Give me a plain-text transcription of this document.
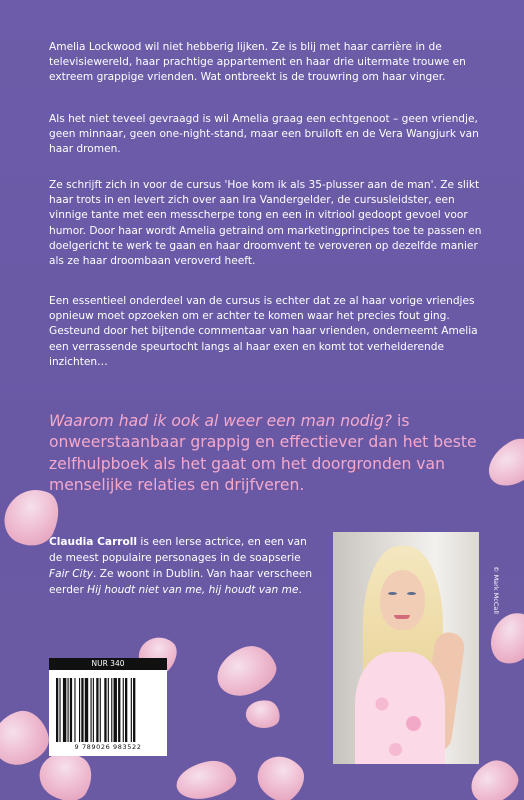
Amelia Lockwood wil niet hebberig lijken. Ze is blij met haar carrière in de televisiewereld, haar prachtige appartement en haar drie uitermate trouwe en extreem grappige vrienden. Wat ontbreekt is de trouwring om haar vinger.

Als het niet teveel gevraagd is wil Amelia graag een echtgenoot – geen vriendje, geen minnaar, geen one-night-stand, maar een bruiloft en de Vera Wangjurk van haar dromen.

Ze schrijft zich in voor de cursus 'Hoe kom ik als 35-plusser aan de man'. Ze slikt haar trots in en levert zich over aan Ira Vandergelder, de cursusleidster, een vinnige tante met een messcherpe tong en een in vitriool gedoopt gevoel voor humor. Door haar wordt Amelia getraind om marketingprincipes toe te passen en doelgericht te werk te gaan en haar droomvent te veroveren op dezelfde manier als ze haar droombaan veroverd heeft.

Een essentieel onderdeel van de cursus is echter dat ze al haar vorige vriendjes opnieuw moet opzoeken om er achter te komen waar het precies fout ging. Gesteund door het bijtende commentaar van haar vrienden, onderneemt Amelia een verrassende speurtocht langs al haar exen en komt tot verhelderende inzichten…

Waarom had ik ook al weer een man nodig? is onweerstaanbaar grappig en effectiever dan het beste zelfhulpboek als het gaat om het doorgronden van menselijke relaties en drijfveren.

Claudia Carroll is een Ierse actrice, en een van de meest populaire personages in de soapserie Fair City. Ze woont in Dublin. Van haar verscheen eerder Hij houdt niet van me, hij houdt van me.	© Mark McCall
NUR 340
9 789026 983522
